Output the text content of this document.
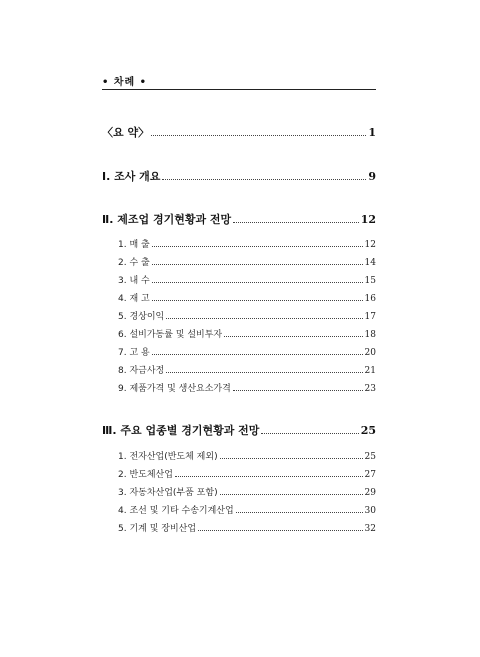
• 차례 •
〈요 약〉	1
Ⅰ. 조사 개요	9
Ⅱ. 제조업 경기현황과 전망	12
1. 매 출	12
2. 수 출	14
3. 내 수	15
4. 재 고	16
5. 경상이익	17
6. 설비가동률 및 설비투자	18
7. 고 용	20
8. 자금사정	21
9. 제품가격 및 생산요소가격	23
Ⅲ. 주요 업종별 경기현황과 전망	25
1. 전자산업(반도체 제외)	25
2. 반도체산업	27
3. 자동차산업(부품 포함)	29
4. 조선 및 기타 수송기계산업	30
5. 기계 및 장비산업	32
